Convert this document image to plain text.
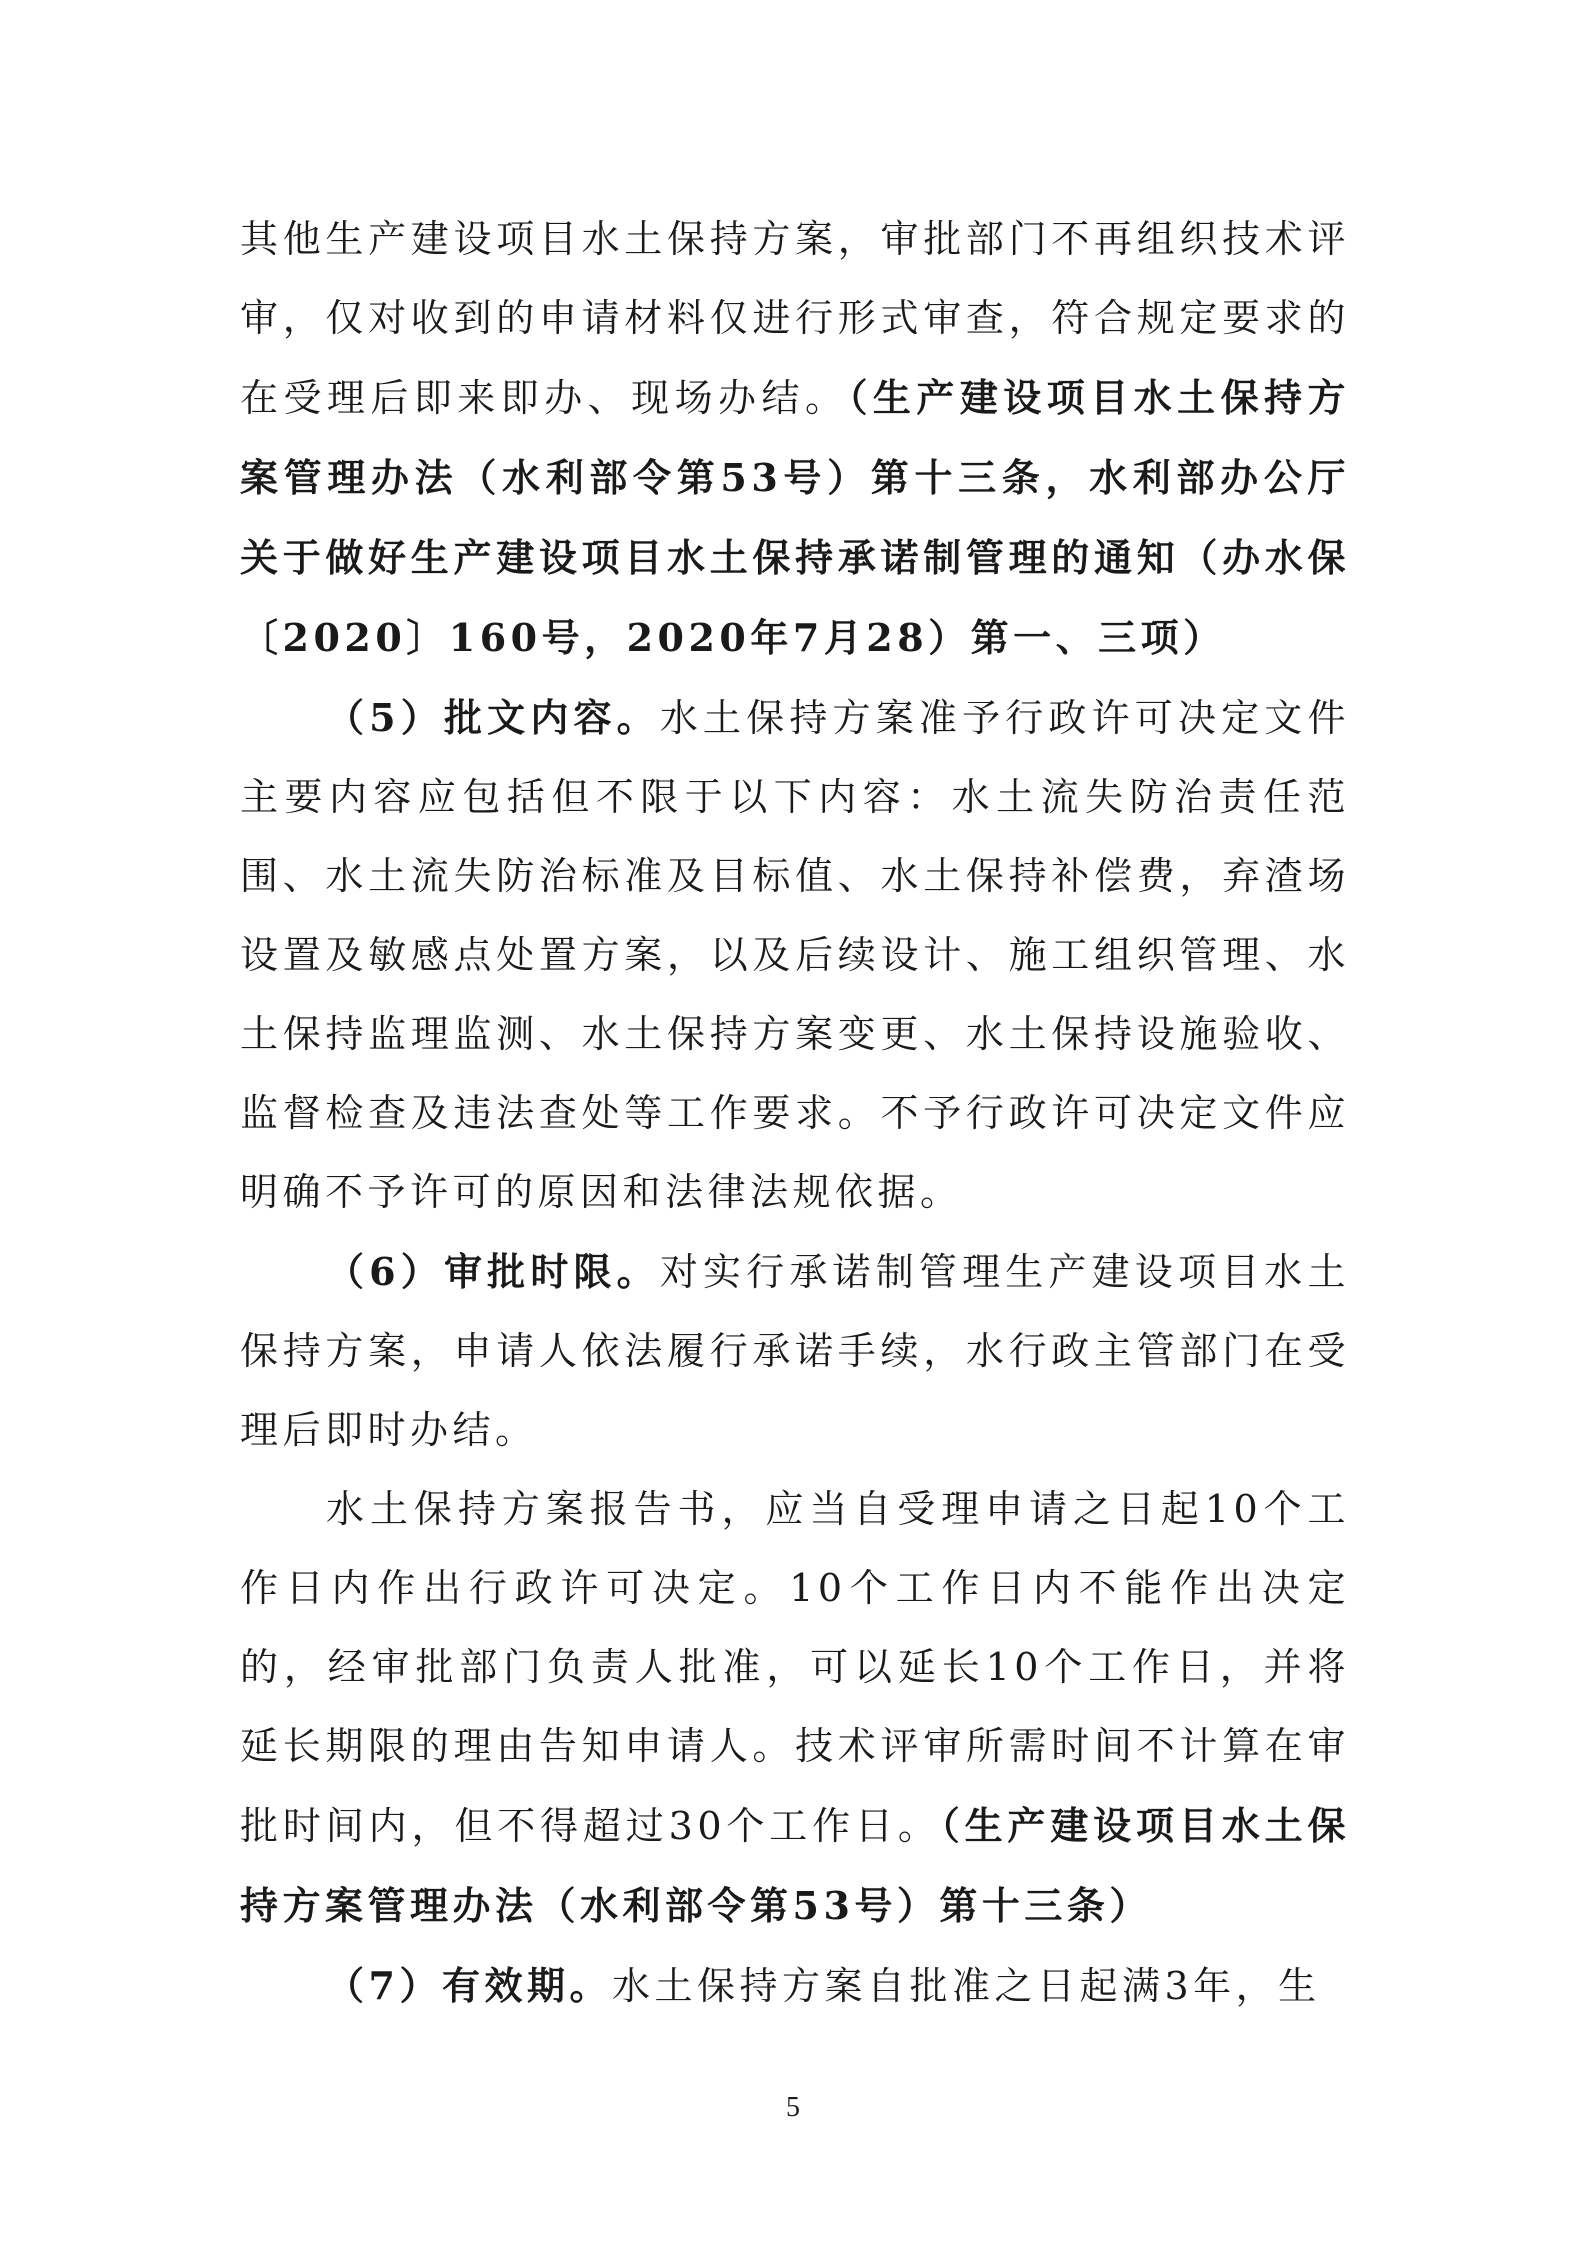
其他生产建设项目水土保持方案，审批部门不再组织技术评审，仅对收到的申请材料仅进行形式审查，符合规定要求的在受理后即来即办、现场办结。（生产建设项目水土保持方案管理办法（水利部令第53号）第十三条，水利部办公厅关于做好生产建设项目水土保持承诺制管理的通知（办水保〔2020〕160号，2020年7月28）第一、三项）

（5）批文内容。水土保持方案准予行政许可决定文件主要内容应包括但不限于以下内容：水土流失防治责任范围、水土流失防治标准及目标值、水土保持补偿费，弃渣场设置及敏感点处置方案，以及后续设计、施工组织管理、水土保持监理监测、水土保持方案变更、水土保持设施验收、监督检查及违法查处等工作要求。不予行政许可决定文件应明确不予许可的原因和法律法规依据。

（6）审批时限。对实行承诺制管理生产建设项目水土保持方案，申请人依法履行承诺手续，水行政主管部门在受理后即时办结。

水土保持方案报告书，应当自受理申请之日起10个工作日内作出行政许可决定。10个工作日内不能作出决定的，经审批部门负责人批准，可以延长10个工作日，并将延长期限的理由告知申请人。技术评审所需时间不计算在审批时间内，但不得超过30个工作日。（生产建设项目水土保持方案管理办法（水利部令第53号）第十三条）

（7）有效期。水土保持方案自批准之日起满3年，生

5
